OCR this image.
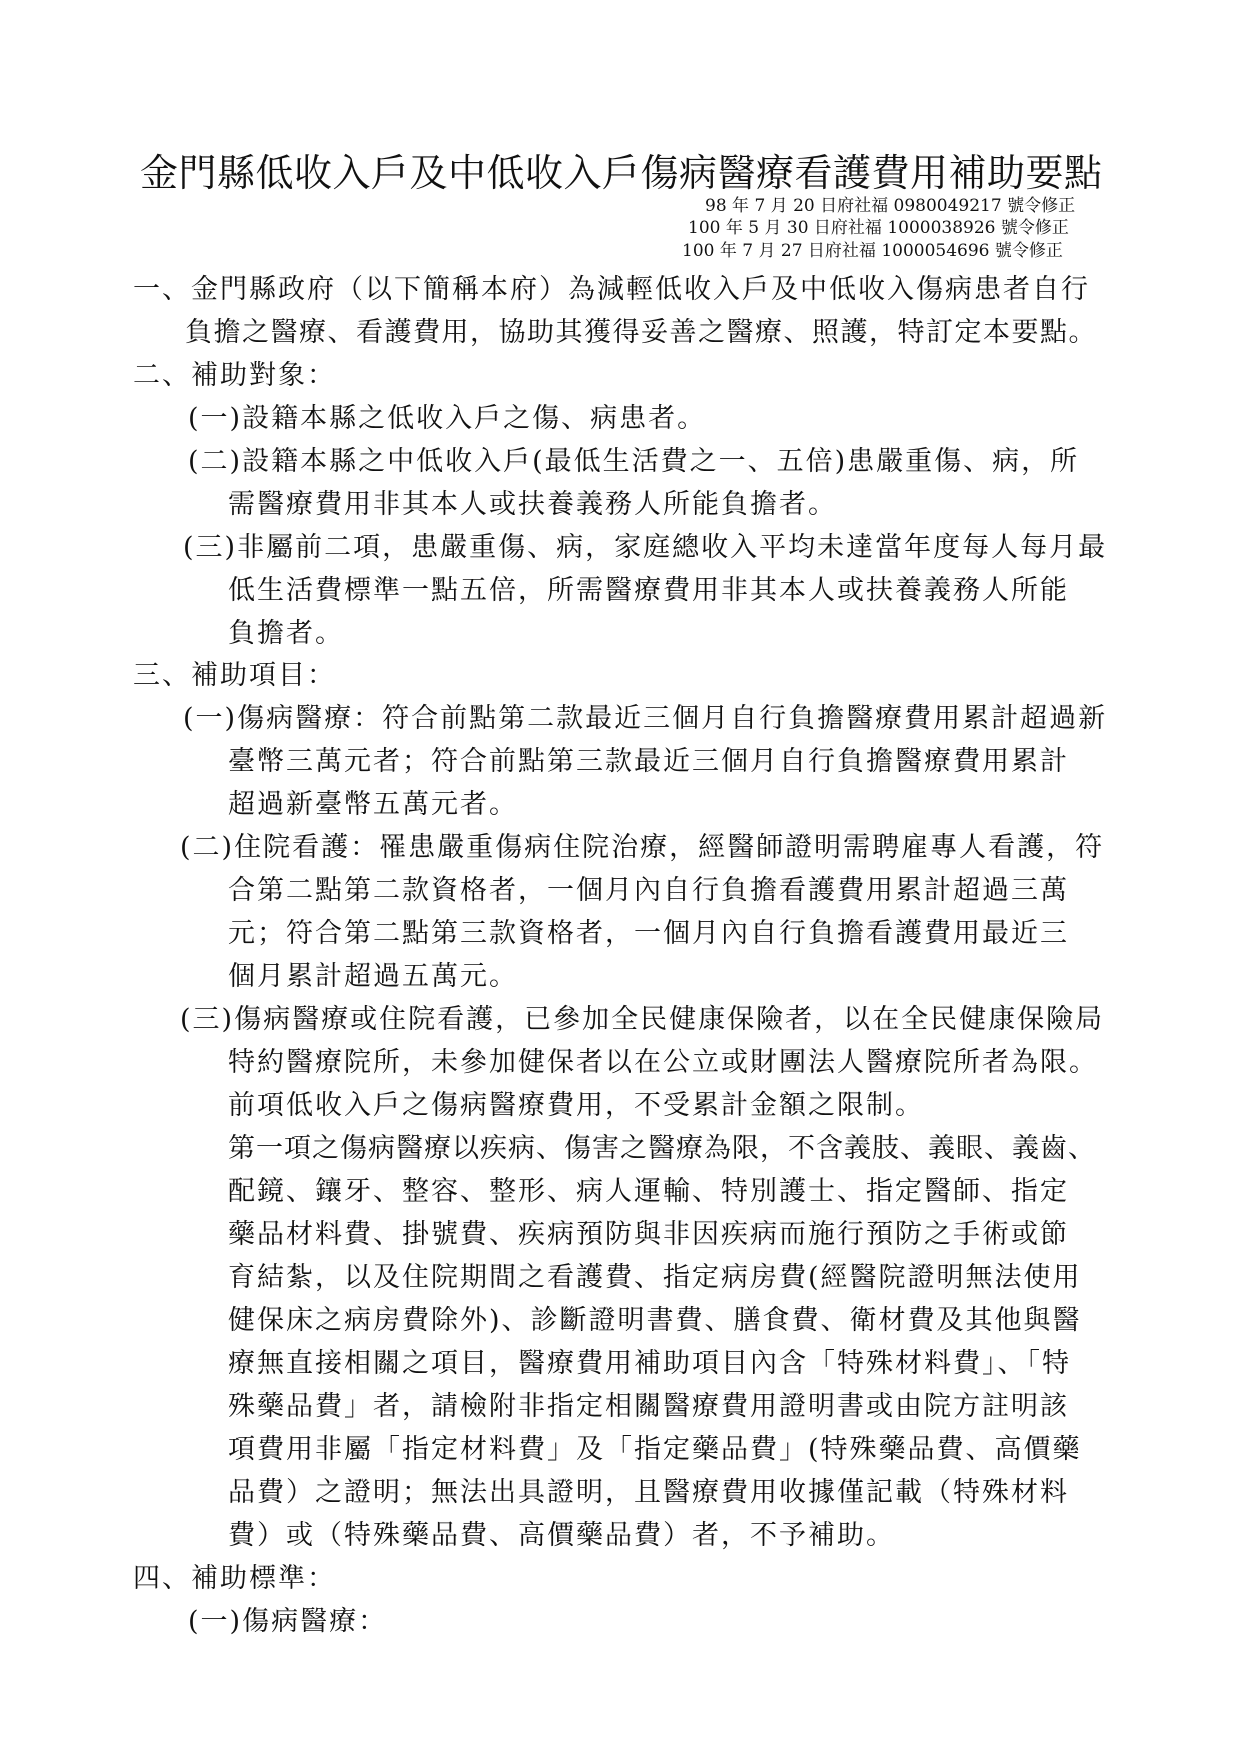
金門縣低收入戶及中低收入戶傷病醫療看護費用補助要點
98 年 7 月 20 日府社福 0980049217 號令修正
100 年 5 月 30 日府社福 1000038926 號令修正
100 年 7 月 27 日府社福 1000054696 號令修正
一、金門縣政府（以下簡稱本府）為減輕低收入戶及中低收入傷病患者自行
負擔之醫療、看護費用，協助其獲得妥善之醫療、照護，特訂定本要點。
二、補助對象：
(一)設籍本縣之低收入戶之傷、病患者。
(二)設籍本縣之中低收入戶(最低生活費之一、五倍)患嚴重傷、病，所
需醫療費用非其本人或扶養義務人所能負擔者。
(三)非屬前二項，患嚴重傷、病，家庭總收入平均未達當年度每人每月最
低生活費標準一點五倍，所需醫療費用非其本人或扶養義務人所能
負擔者。
三、補助項目：
(一)傷病醫療：符合前點第二款最近三個月自行負擔醫療費用累計超過新
臺幣三萬元者；符合前點第三款最近三個月自行負擔醫療費用累計
超過新臺幣五萬元者。
(二)住院看護：罹患嚴重傷病住院治療，經醫師證明需聘雇專人看護，符
合第二點第二款資格者，一個月內自行負擔看護費用累計超過三萬
元；符合第二點第三款資格者，一個月內自行負擔看護費用最近三
個月累計超過五萬元。
(三)傷病醫療或住院看護，已參加全民健康保險者，以在全民健康保險局
特約醫療院所，未參加健保者以在公立或財團法人醫療院所者為限。
前項低收入戶之傷病醫療費用，不受累計金額之限制。
第一項之傷病醫療以疾病、傷害之醫療為限，不含義肢、義眼、義齒、
配鏡、鑲牙、整容、整形、病人運輸、特別護士、指定醫師、指定
藥品材料費、掛號費、疾病預防與非因疾病而施行預防之手術或節
育結紮，以及住院期間之看護費、指定病房費(經醫院證明無法使用
健保床之病房費除外)、診斷證明書費、膳食費、衛材費及其他與醫
療無直接相關之項目，醫療費用補助項目內含「特殊材料費」、「特
殊藥品費」者，請檢附非指定相關醫療費用證明書或由院方註明該
項費用非屬「指定材料費」及「指定藥品費」(特殊藥品費、高價藥
品費）之證明；無法出具證明，且醫療費用收據僅記載（特殊材料
費）或（特殊藥品費、高價藥品費）者，不予補助。
四、補助標準：
(一)傷病醫療：
